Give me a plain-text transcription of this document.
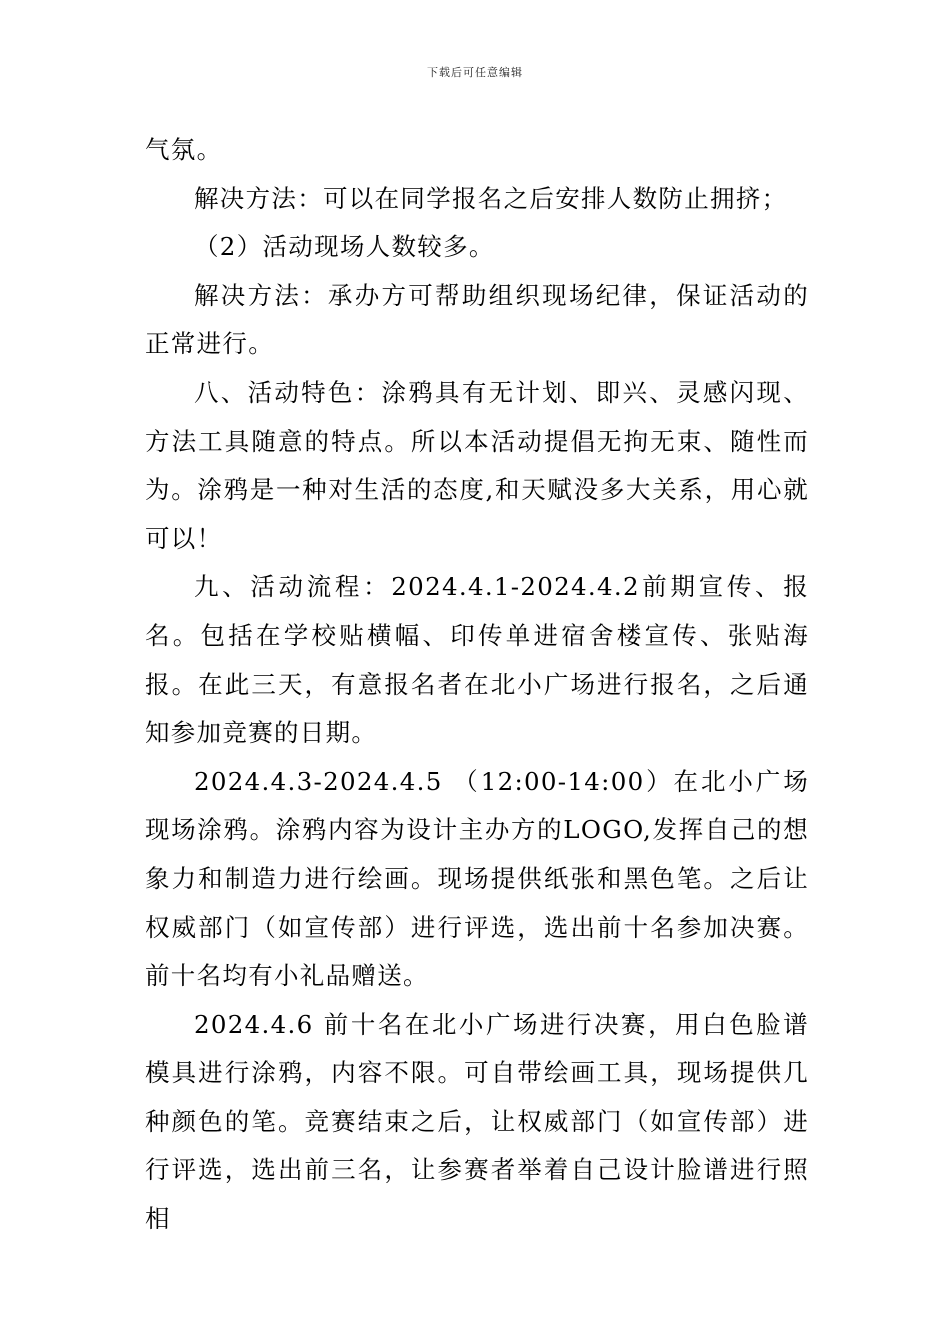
下载后可任意编辑

气氛。

解决方法：可以在同学报名之后安排人数防止拥挤；

（2）活动现场人数较多。

解决方法：承办方可帮助组织现场纪律，保证活动的正常进行。

八、活动特色：涂鸦具有无计划、即兴、灵感闪现、方法工具随意的特点。所以本活动提倡无拘无束、随性而为。涂鸦是一种对生活的态度,和天赋没多大关系，用心就可以！

九、活动流程：2024.4.1-2024.4.2前期宣传、报名。包括在学校贴横幅、印传单进宿舍楼宣传、张贴海报。在此三天，有意报名者在北小广场进行报名，之后通知参加竞赛的日期。

2024.4.3-2024.4.5 （12:00-14:00）在北小广场现场涂鸦。涂鸦内容为设计主办方的LOGO,发挥自己的想象力和制造力进行绘画。现场提供纸张和黑色笔。之后让权威部门（如宣传部）进行评选，选出前十名参加决赛。前十名均有小礼品赠送。

2024.4.6 前十名在北小广场进行决赛，用白色脸谱模具进行涂鸦，内容不限。可自带绘画工具，现场提供几种颜色的笔。竞赛结束之后，让权威部门（如宣传部）进行评选，选出前三名，让参赛者举着自己设计脸谱进行照相
